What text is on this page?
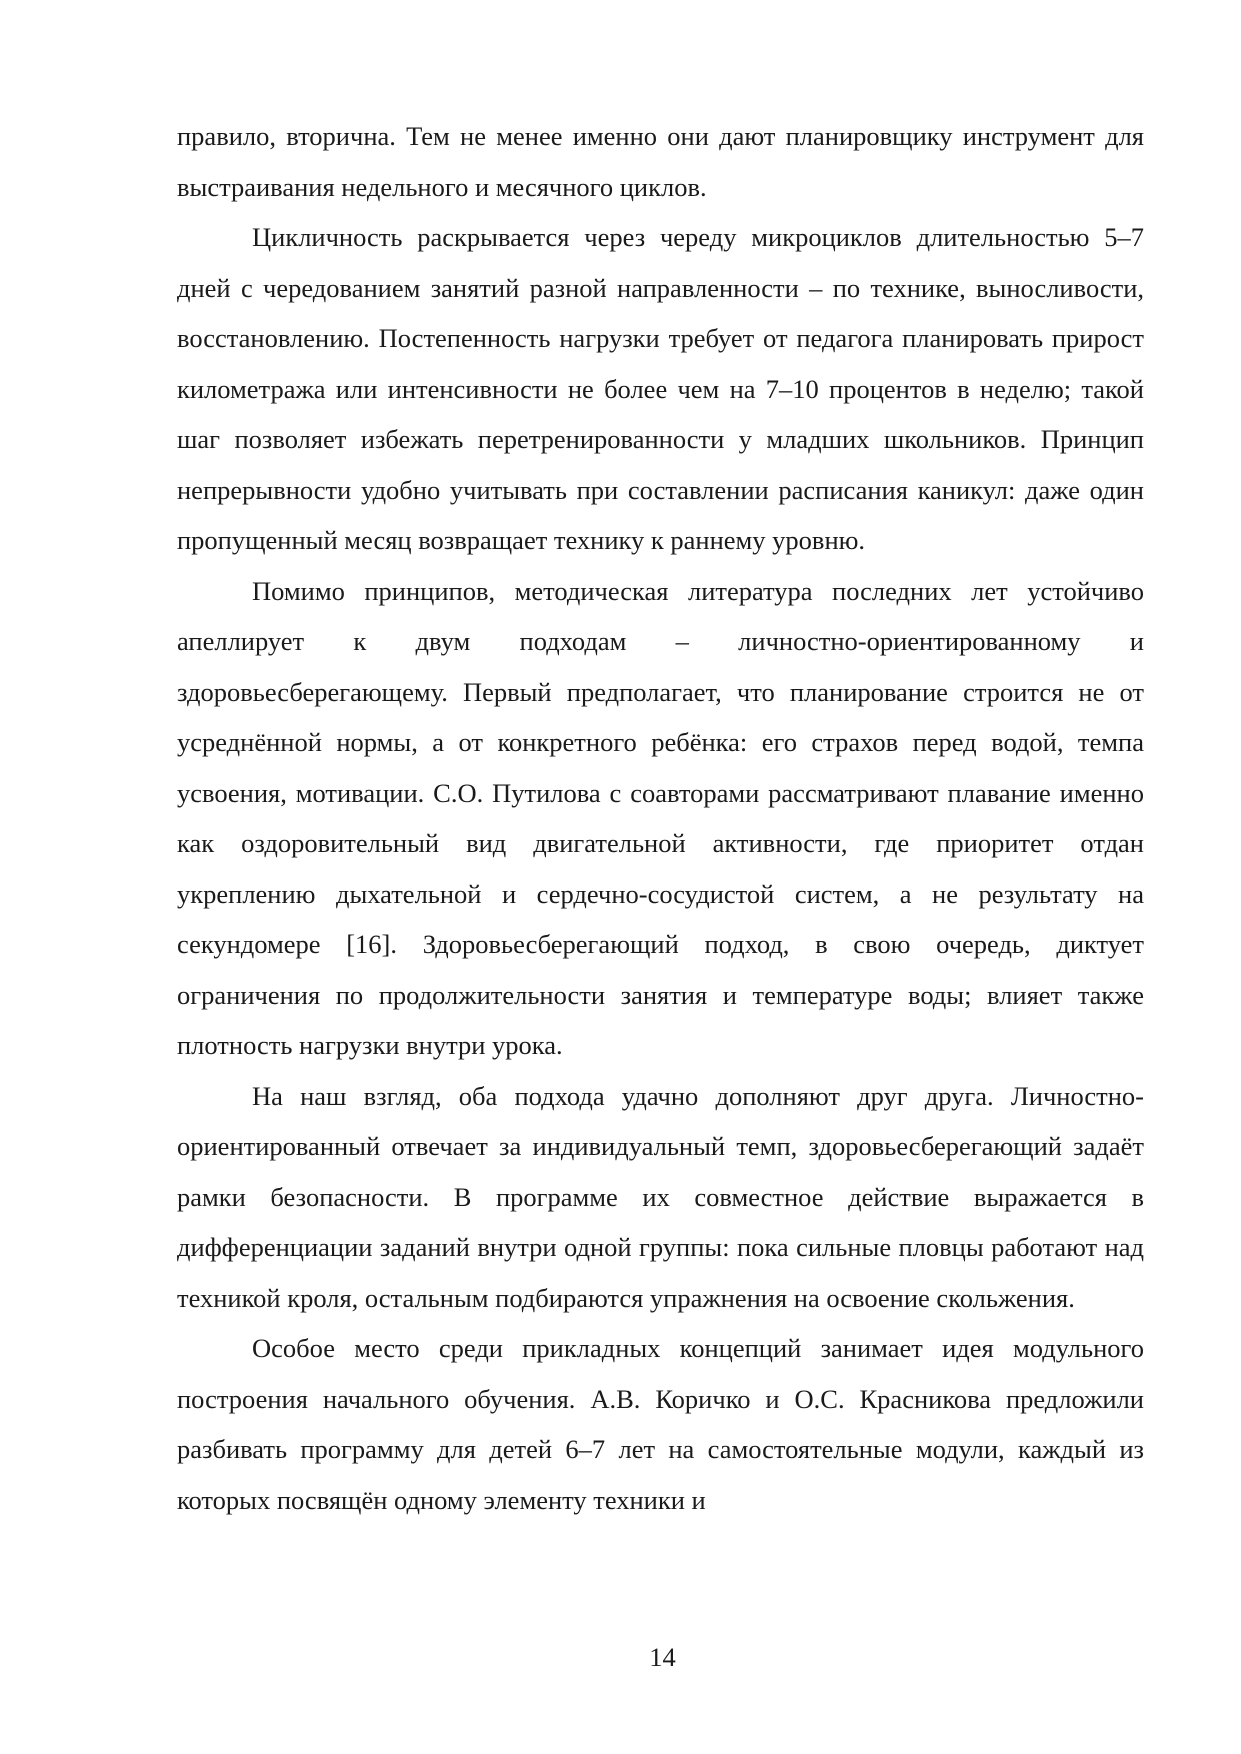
правило, вторична. Тем не менее именно они дают планировщику инструмент для выстраивания недельного и месячного циклов.

Цикличность раскрывается через череду микроциклов длительностью 5–7 дней с чередованием занятий разной направленности – по технике, выносливости, восстановлению. Постепенность нагрузки требует от педагога планировать прирост километража или интенсивности не более чем на 7–10 процентов в неделю; такой шаг позволяет избежать перетренированности у младших школьников. Принцип непрерывности удобно учитывать при составлении расписания каникул: даже один пропущенный месяц возвращает технику к раннему уровню.

Помимо принципов, методическая литература последних лет устойчиво апеллирует к двум подходам – личностно-ориентированному и здоровьесберегающему. Первый предполагает, что планирование строится не от усреднённой нормы, а от конкретного ребёнка: его страхов перед водой, темпа усвоения, мотивации. С.О. Путилова с соавторами рассматривают плавание именно как оздоровительный вид двигательной активности, где приоритет отдан укреплению дыхательной и сердечно-сосудистой систем, а не результату на секундомере [16]. Здоровьесберегающий подход, в свою очередь, диктует ограничения по продолжительности занятия и температуре воды; влияет также плотность нагрузки внутри урока.

На наш взгляд, оба подхода удачно дополняют друг друга. Личностно-ориентированный отвечает за индивидуальный темп, здоровьесберегающий задаёт рамки безопасности. В программе их совместное действие выражается в дифференциации заданий внутри одной группы: пока сильные пловцы работают над техникой кроля, остальным подбираются упражнения на освоение скольжения.

Особое место среди прикладных концепций занимает идея модульного построения начального обучения. А.В. Коричко и О.С. Красникова предложили разбивать программу для детей 6–7 лет на самостоятельные модули, каждый из которых посвящён одному элементу техники и

14
